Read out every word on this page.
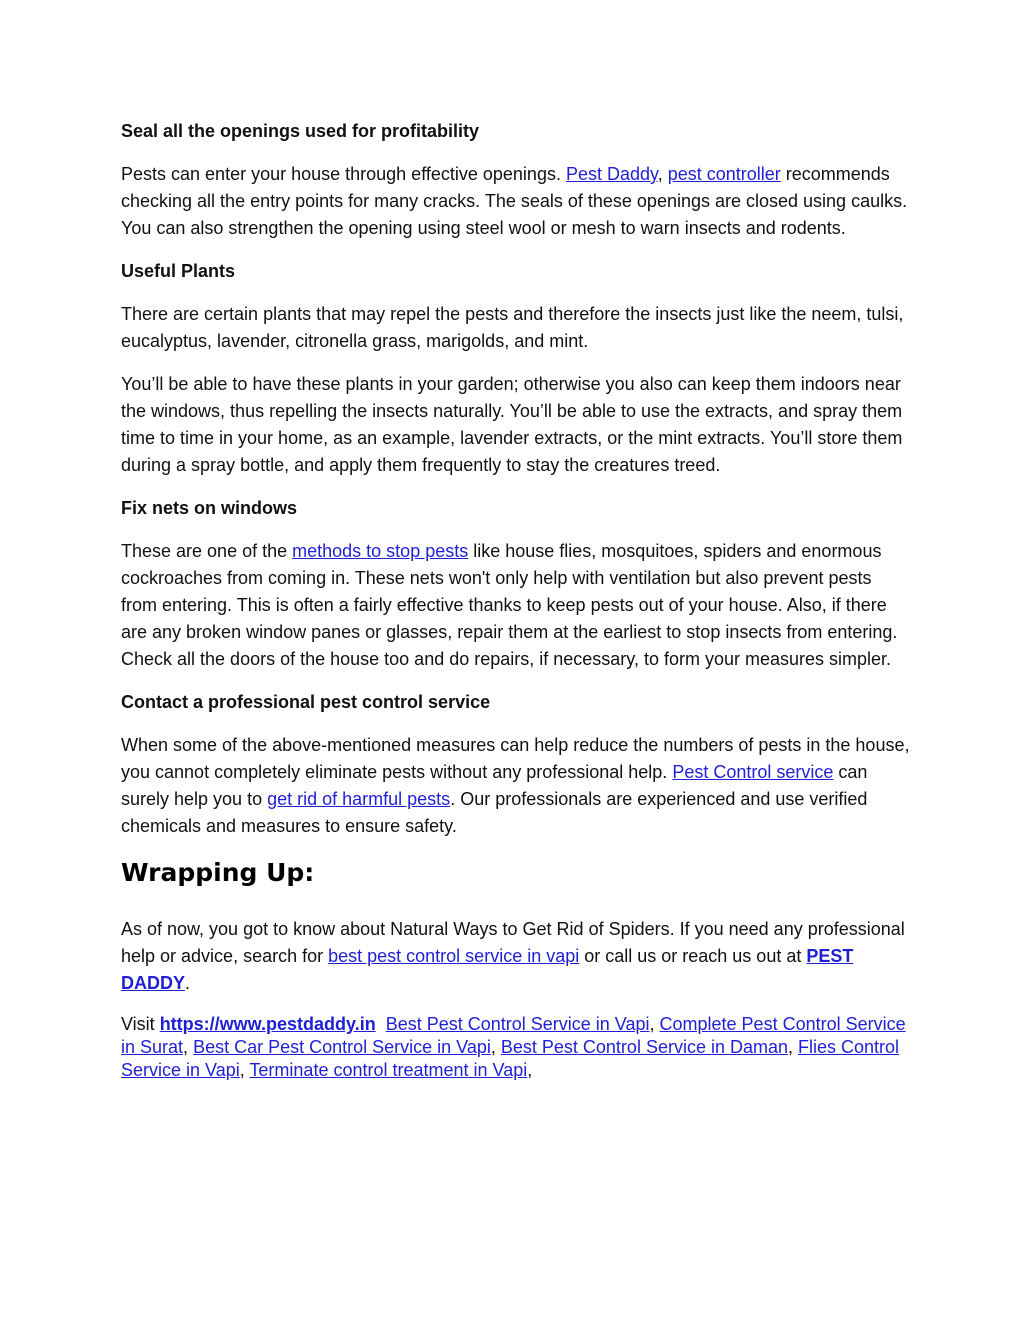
Seal all the openings used for profitability

Pests can enter your house through effective openings. Pest Daddy, pest controller recommends checking all the entry points for many cracks. The seals of these openings are closed using caulks. You can also strengthen the opening using steel wool or mesh to warn insects and rodents.

Useful Plants

There are certain plants that may repel the pests and therefore the insects just like the neem, tulsi, eucalyptus, lavender, citronella grass, marigolds, and mint.

You’ll be able to have these plants in your garden; otherwise you also can keep them indoors near the windows, thus repelling the insects naturally. You’ll be able to use the extracts, and spray them time to time in your home, as an example, lavender extracts, or the mint extracts. You’ll store them during a spray bottle, and apply them frequently to stay the creatures treed.

Fix nets on windows

These are one of the methods to stop pests like house flies, mosquitoes, spiders and enormous cockroaches from coming in. These nets won't only help with ventilation but also prevent pests from entering. This is often a fairly effective thanks to keep pests out of your house. Also, if there are any broken window panes or glasses, repair them at the earliest to stop insects from entering. Check all the doors of the house too and do repairs, if necessary, to form your measures simpler.

Contact a professional pest control service

When some of the above-mentioned measures can help reduce the numbers of pests in the house, you cannot completely eliminate pests without any professional help. Pest Control service can surely help you to get rid of harmful pests. Our professionals are experienced and use verified chemicals and measures to ensure safety.

Wrapping Up:

As of now, you got to know about Natural Ways to Get Rid of Spiders. If you need any professional help or advice, search for best pest control service in vapi or call us or reach us out at PEST DADDY.

Visit https://www.pestdaddy.in Best Pest Control Service in Vapi, Complete Pest Control Service in Surat, Best Car Pest Control Service in Vapi, Best Pest Control Service in Daman, Flies Control Service in Vapi, Terminate control treatment in Vapi,
